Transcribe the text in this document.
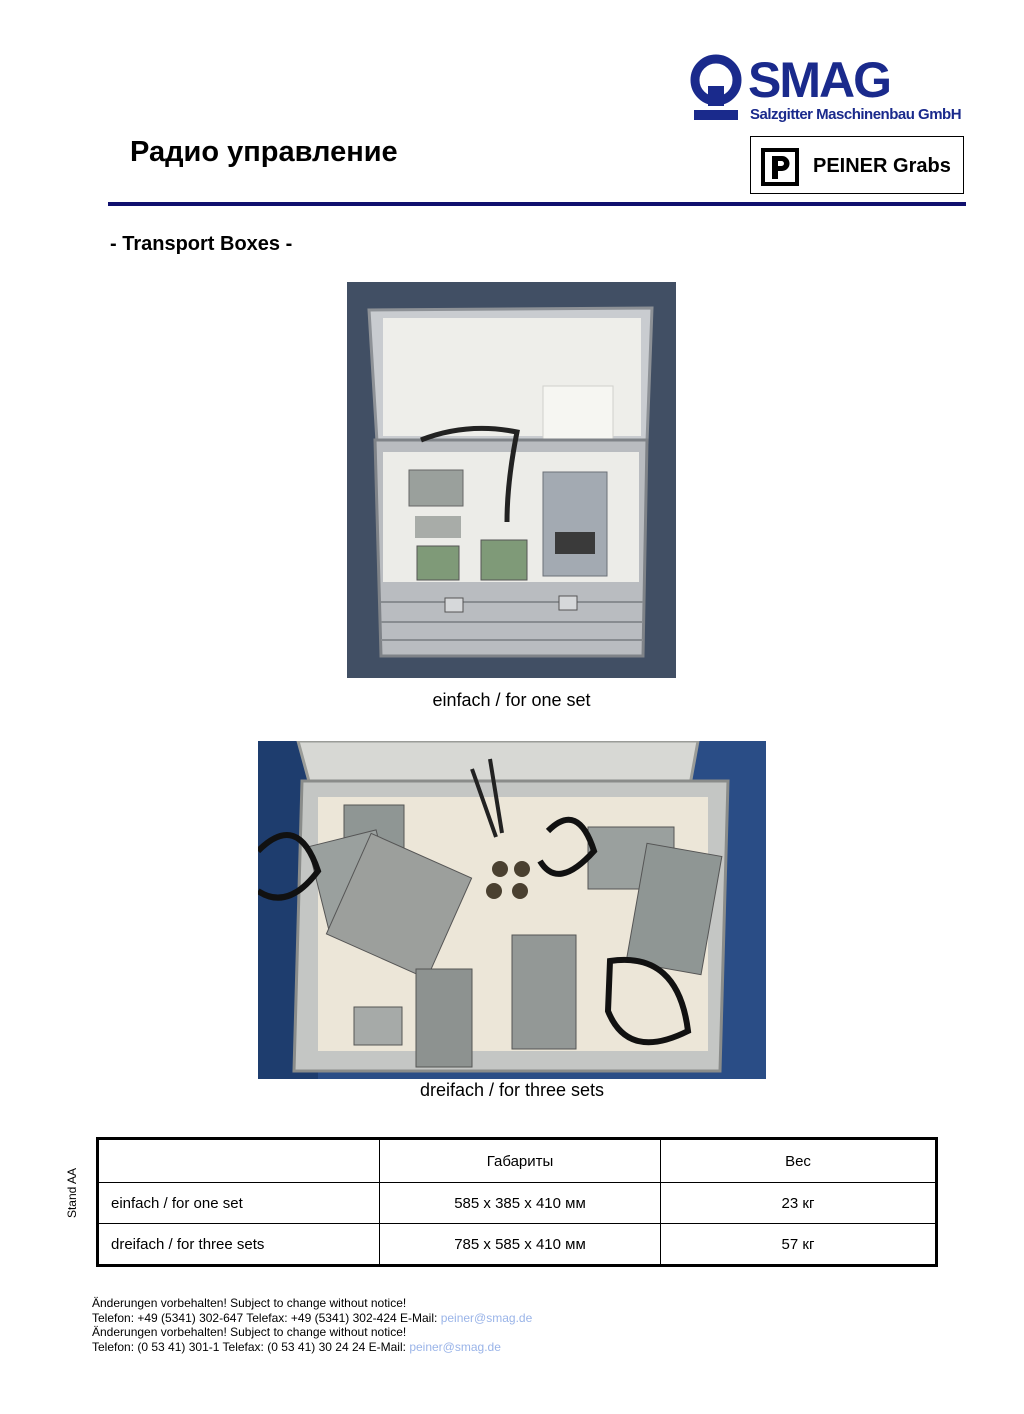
SMAG
Salzgitter Maschinenbau GmbH
PEINER Grabs
Радио управление
- Transport Boxes -
einfach / for one set
dreifach / for three sets
Stand AA
	Габариты	Вес
einfach / for one set	585 x 385 x 410 мм	23 кг
dreifach / for three sets	785 x 585 x 410 мм	57 кг
Änderungen vorbehalten! Subject to change without notice!
Telefon: +49 (5341) 302-647 Telefax: +49 (5341) 302-424 E-Mail: peiner@smag.de
Änderungen vorbehalten! Subject to change without notice!
Telefon: (0 53 41) 301-1 Telefax: (0 53 41) 30 24 24 E-Mail: peiner@smag.de
